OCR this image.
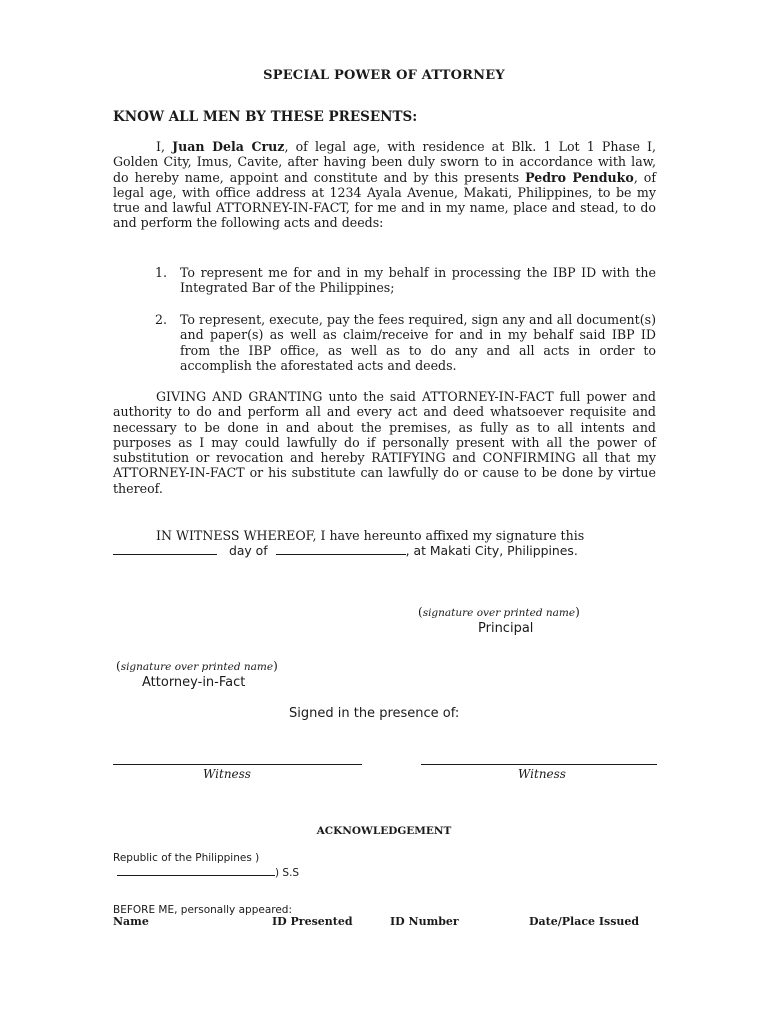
SPECIAL POWER OF ATTORNEY
KNOW ALL MEN BY THESE PRESENTS:
I, Juan Dela Cruz, of legal age, with residence at Blk. 1 Lot 1 Phase I, Golden City, Imus, Cavite, after having been duly sworn to in accordance with law, do hereby name, appoint and constitute and by this presents Pedro Penduko, of legal age, with office address at 1234 Ayala Avenue, Makati, Philippines, to be my true and lawful ATTORNEY-IN-FACT, for me and in my name, place and stead, to do and perform the following acts and deeds:
1. To represent me for and in my behalf in processing the IBP ID with the Integrated Bar of the Philippines;
2. To represent, execute, pay the fees required, sign any and all document(s) and paper(s) as well as claim/receive for and in my behalf said IBP ID from the IBP office, as well as to do any and all acts in order to accomplish the aforestated acts and deeds.
GIVING AND GRANTING unto the said ATTORNEY-IN-FACT full power and authority to do and perform all and every act and deed whatsoever requisite and necessary to be done in and about the premises, as fully as to all intents and purposes as I may could lawfully do if personally present with all the power of substitution or revocation and hereby RATIFYING and CONFIRMING all that my ATTORNEY-IN-FACT or his substitute can lawfully do or cause to be done by virtue thereof.
IN WITNESS WHEREOF, I have hereunto affixed my signature this
day of	, at Makati City, Philippines.
(signature over printed name)
Principal
(signature over printed name)
Attorney-in-Fact
Signed in the presence of:
Witness	Witness
ACKNOWLEDGEMENT
Republic of the Philippines )
) S.S
BEFORE ME, personally appeared:
Name	ID Presented	ID Number	Date/Place Issued
